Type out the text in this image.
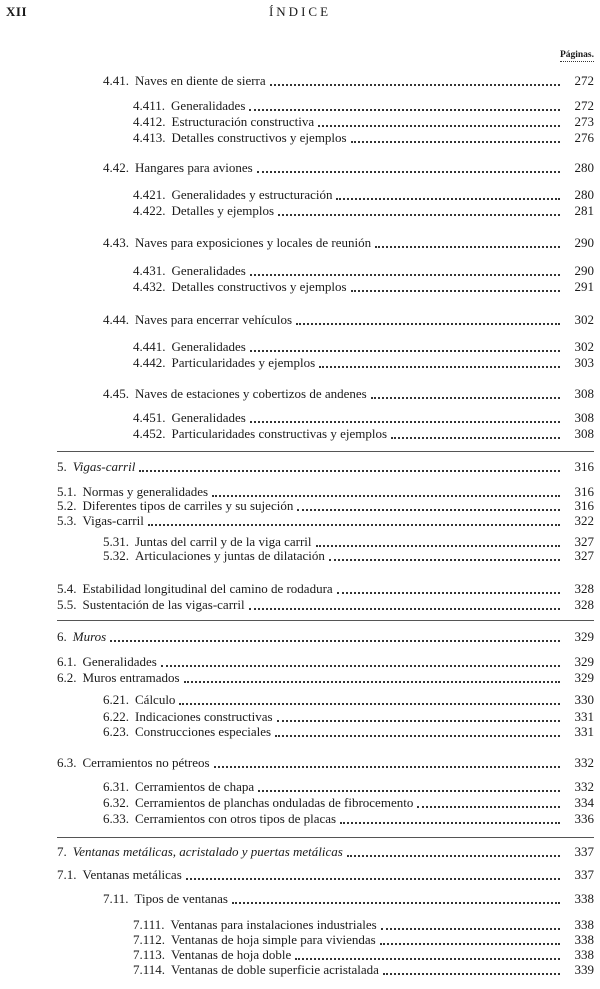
XII	ÍNDICE
Páginas.
4.41. Naves en diente de sierra	272
4.411. Generalidades	272
4.412. Estructuración constructiva	273
4.413. Detalles constructivos y ejemplos	276
4.42. Hangares para aviones	280
4.421. Generalidades y estructuración	280
4.422. Detalles y ejemplos	281
4.43. Naves para exposiciones y locales de reunión	290
4.431. Generalidades	290
4.432. Detalles constructivos y ejemplos	291
4.44. Naves para encerrar vehículos	302
4.441. Generalidades	302
4.442. Particularidades y ejemplos	303
4.45. Naves de estaciones y cobertizos de andenes	308
4.451. Generalidades	308
4.452. Particularidades constructivas y ejemplos	308
5. Vigas-carril	316
5.1. Normas y generalidades	316
5.2. Diferentes tipos de carriles y su sujeción	316
5.3. Vigas-carril	322
5.31. Juntas del carril y de la viga carril	327
5.32. Articulaciones y juntas de dilatación	327
5.4. Estabilidad longitudinal del camino de rodadura	328
5.5. Sustentación de las vigas-carril	328
6. Muros	329
6.1. Generalidades	329
6.2. Muros entramados	329
6.21. Cálculo	330
6.22. Indicaciones constructivas	331
6.23. Construcciones especiales	331
6.3. Cerramientos no pétreos	332
6.31. Cerramientos de chapa	332
6.32. Cerramientos de planchas onduladas de fibrocemento	334
6.33. Cerramientos con otros tipos de placas	336
7. Ventanas metálicas, acristalado y puertas metálicas	337
7.1. Ventanas metálicas	337
7.11. Tipos de ventanas	338
7.111. Ventanas para instalaciones industriales	338
7.112. Ventanas de hoja simple para viviendas	338
7.113. Ventanas de hoja doble	338
7.114. Ventanas de doble superficie acristalada	339
